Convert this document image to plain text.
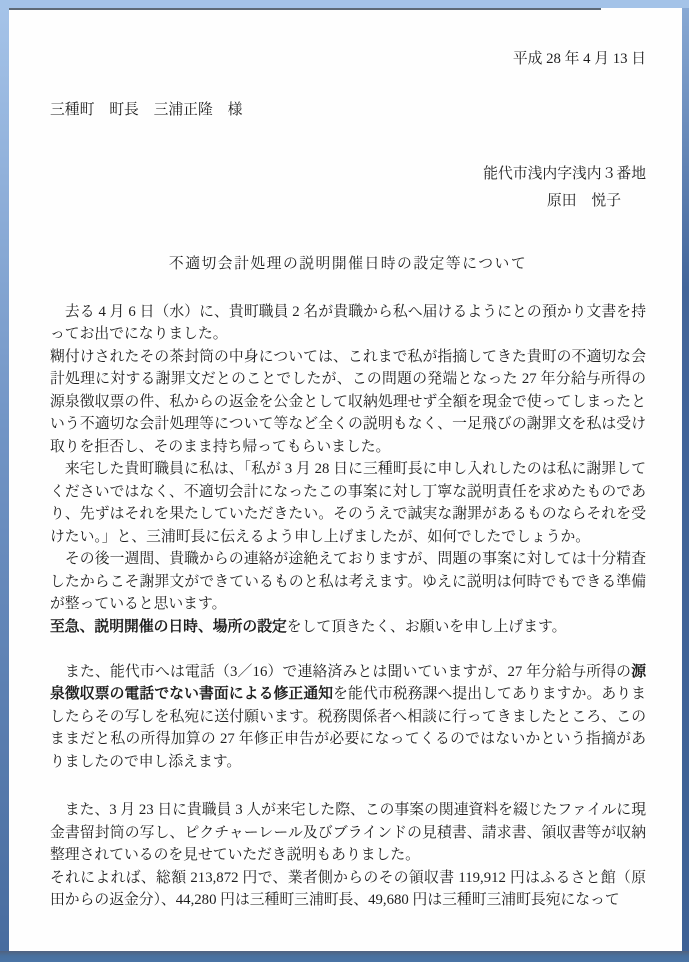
平成 28 年 4 月 13 日

三種町　町長　三浦正隆　様

能代市浅内字浅内３番地

原田　悦子

不適切会計処理の説明開催日時の設定等について

　去る 4 月 6 日（水）に、貴町職員 2 名が貴職から私へ届けるようにとの預かり文書を持ってお出でになりました。

糊付けされたその茶封筒の中身については、これまで私が指摘してきた貴町の不適切な会計処理に対する謝罪文だとのことでしたが、この問題の発端となった 27 年分給与所得の源泉徴収票の件、私からの返金を公金として収納処理せず全額を現金で使ってしまったという不適切な会計処理等について等など全くの説明もなく、一足飛びの謝罪文を私は受け取りを拒否し、そのまま持ち帰ってもらいました。

　来宅した貴町職員に私は、「私が 3 月 28 日に三種町長に申し入れしたのは私に謝罪してくださいではなく、不適切会計になったこの事案に対し丁寧な説明責任を求めたものであり、先ずはそれを果たしていただきたい。そのうえで誠実な謝罪があるものならそれを受けたい。」と、三浦町長に伝えるよう申し上げましたが、如何でしたでしょうか。

　その後一週間、貴職からの連絡が途絶えておりますが、問題の事案に対しては十分精査したからこそ謝罪文ができているものと私は考えます。ゆえに説明は何時でもできる準備が整っていると思います。

至急、説明開催の日時、場所の設定をして頂きたく、お願いを申し上げます。

　また、能代市へは電話（3／16）で連絡済みとは聞いていますが、27 年分給与所得の源泉徴収票の電話でない書面による修正通知を能代市税務課へ提出してありますか。ありましたらその写しを私宛に送付願います。税務関係者へ相談に行ってきましたところ、このままだと私の所得加算の 27 年修正申告が必要になってくるのではないかという指摘がありましたので申し添えます。

　また、3 月 23 日に貴職員 3 人が来宅した際、この事案の関連資料を綴じたファイルに現金書留封筒の写し、ピクチャーレール及びブラインドの見積書、請求書、領収書等が収納整理されているのを見せていただき説明もありました。

それによれば、総額 213,872 円で、業者側からのその領収書 119,912 円はふるさと館（原田からの返金分）、44,280 円は三種町三浦町長、49,680 円は三種町三浦町長宛になって
